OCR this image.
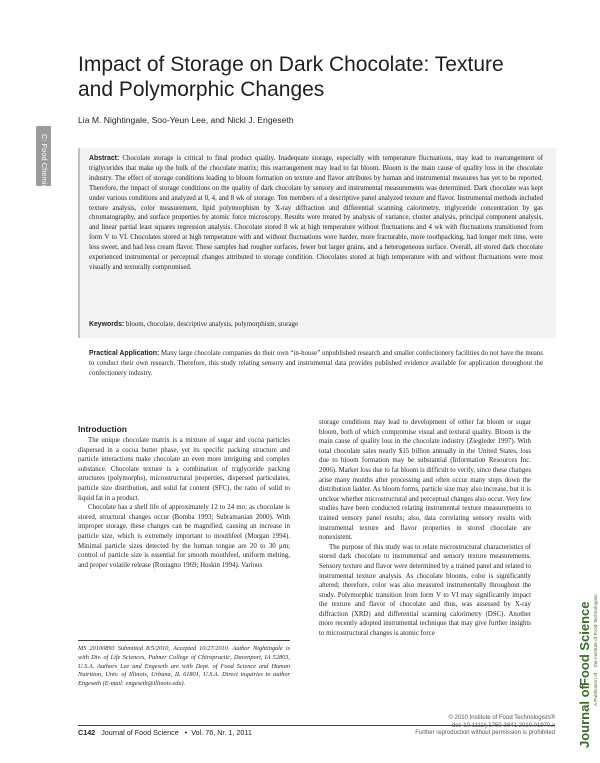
Impact of Storage on Dark Chocolate: Texture
and Polymorphic Changes
Lia M. Nightingale, Soo-Yeun Lee, and Nicki J. Engeseth
C: Food Chemistry	Abstract: Chocolate storage is critical to final product quality. Inadequate storage, especially with temperature fluctuations, may lead to rearrangement of triglycerides that make up the bulk of the chocolate matrix; this rearrangement may lead to fat bloom. Bloom is the main cause of quality loss in the chocolate industry. The effect of storage conditions leading to bloom formation on texture and flavor attributes by human and instrumental measures has yet to be reported. Therefore, the impact of storage conditions on the quality of dark chocolate by sensory and instrumental measurements was determined. Dark chocolate was kept under various conditions and analyzed at 0, 4, and 8 wk of storage. Ten members of a descriptive panel analyzed texture and flavor. Instrumental methods included texture analysis, color measurement, lipid polymorphism by X-ray diffraction and differential scanning calorimetry, triglyceride concentration by gas chromatography, and surface properties by atomic force microscopy. Results were treated by analysis of variance, cluster analysis, principal component analysis, and linear partial least squares regression analysis. Chocolate stored 8 wk at high temperature without fluctuations and 4 wk with fluctuations transitioned from form V to VI. Chocolates stored at high temperature with and without fluctuations were harder, more fracturable, more toothpacking, had longer melt time, were less sweet, and had less cream flavor. These samples had rougher surfaces, fewer but larger grains, and a heterogeneous surface. Overall, all stored dark chocolate experienced instrumental or perceptual changes attributed to storage condition. Chocolates stored at high temperature with and without fluctuations were most visually and texturally compromised.

Keywords: bloom, chocolate, descriptive analysis, polymorphism, storage

Practical Application: Many large chocolate companies do their own “in-house” unpublished research and smaller confectionery facilities do not have the means to conduct their own research. Therefore, this study relating sensory and instrumental data provides published evidence available for application throughout the confectionery industry.

Introduction

The unique chocolate matrix is a mixture of sugar and cocoa particles dispersed in a cocoa butter phase, yet its specific packing structure and particle interactions make chocolate an even more intriguing and complex substance. Chocolate texture is a combination of triglyceride packing structures (polymorphs), microstructural properties, dispersed particulates, particle size distribution, and solid fat content (SFC), the ratio of solid to liquid fat in a product.

Chocolate has a shelf life of approximately 12 to 24 mo; as chocolate is stored, structural changes occur (Bomba 1993; Subramanian 2000). With improper storage, these changes can be magnified, causing an increase in particle size, which is extremely important to mouthfeel (Morgan 1994). Minimal particle sizes detected by the human tongue are 20 to 30 μm; control of particle size is essential for smooth mouthfeel, uniform melting, and proper volatile release (Rostagno 1969; Hoskin 1994). Various

MS 20100893 Submitted 8/5/2010, Accepted 10/27/2010. Author Nightingale is with Div. of Life Sciences, Palmer College of Chiropractic, Davenport, IA 52803, U.S.A. Authors Lee and Engeseth are with Dept. of Food Science and Human Nutrition, Univ. of Illinois, Urbana, IL 61801, U.S.A. Direct inquiries to author Engeseth (E-mail: engeseth@illinois.edu).

storage conditions may lead to development of either fat bloom or sugar bloom, both of which compromise visual and textural quality. Bloom is the main cause of quality loss in the chocolate industry (Ziegleder 1997). With total chocolate sales nearly $15 billion annually in the United States, loss due to bloom formation may be substantial (Information Resources Inc. 2006). Market loss due to fat bloom is difficult to verify, since these changes arise many months after processing and often occur many steps down the distribution ladder. As bloom forms, particle size may also increase, but it is unclear whether microstructural and perceptual changes also occur. Very few studies have been conducted relating instrumental texture measurements to trained sensory panel results; also, data correlating sensory results with instrumental texture and flavor properties in stored chocolate are nonexistent.

The purpose of this study was to relate microstructural characteristics of stored dark chocolate to instrumental and sensory texture measurements. Sensory texture and flavor were determined by a trained panel and related to instrumental texture analysis. As chocolate blooms, color is significantly altered; therefore, color was also measured instrumentally throughout the study. Polymorphic transition from form V to VI may significantly impact the texture and flavor of chocolate and thus, was assessed by X-ray diffraction (XRD) and differential scanning calorimetry (DSC). Another more recently adopted instrumental technique that may give further insights to microstructural changes is atomic force

C142 Journal of Food Science   •  Vol. 76, Nr. 1, 2011
© 2010 Institute of Food Technologists®
doi: 10.1111/j.1750-3841.2010.01970.x
Further reproduction without permission is prohibited Journal of
Food Science
A Publication of
the Institute of Food Technologists
